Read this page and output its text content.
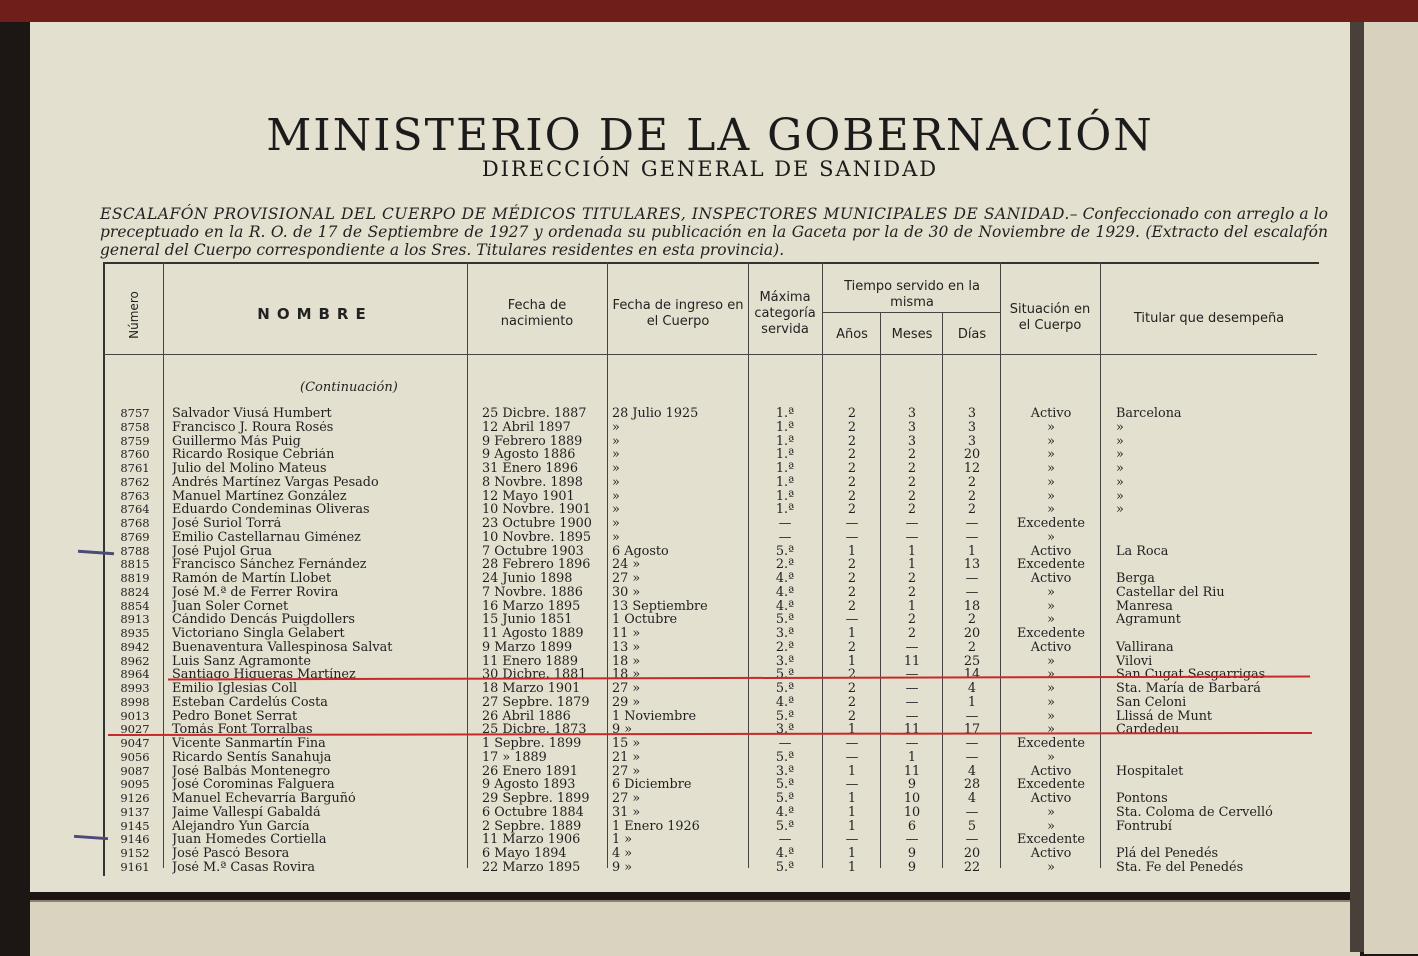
MINISTERIO DE LA GOBERNACIÓN
DIRECCIÓN GENERAL DE SANIDAD
ESCALAFÓN PROVISIONAL DEL CUERPO DE MÉDICOS TITULARES, INSPECTORES MUNICIPALES DE SANIDAD.– Confeccionado con arreglo a lo preceptuado en la R. O. de 17 de Septiembre de 1927 y ordenada su publicación en la Gaceta por la de 30 de Noviembre de 1929. (Extracto del escalafón general del Cuerpo correspondiente a los Sres. Titulares residentes en esta provincia).
Número	NOMBRE	Fecha de nacimiento
Fecha de ingreso en el Cuerpo
Máxima categoría servida
Tiempo servido en la misma
Años	Meses	Días
Situación en el Cuerpo	Titular que desempeña
(Continuación)
8757	Salvador Viusá Humbert	25 Dicbre. 1887	28 Julio 1925	1.ª	2	3	3	Activo	Barcelona
8758	Francisco J. Roura Rosés	12 Abril 1897	»	1.ª	2	3	3	»	»
8759	Guillermo Más Puig	9 Febrero 1889	»	1.ª	2	3	3	»	»
8760	Ricardo Rosique Cebrián	9 Agosto 1886	»	1.ª	2	2	20	»	»
8761	Julio del Molino Mateus	31 Enero 1896	»	1.ª	2	2	12	»	»
8762	Andrés Martínez Vargas Pesado	8 Novbre. 1898	»	1.ª	2	2	2	»	»
8763	Manuel Martínez González	12 Mayo 1901	»	1.ª	2	2	2	»	»
8764	Eduardo Condeminas Oliveras	10 Novbre. 1901	»	1.ª	2	2	2	»	»
8768	José Suriol Torrá	23 Octubre 1900	»	—	—	—	—	Excedente
8769	Emilio Castellarnau Giménez	10 Novbre. 1895	»	—	—	—	—	»
8788	José Pujol Grua	7 Octubre 1903	6 Agosto	5.ª	1	1	1	Activo	La Roca
8815	Francisco Sánchez Fernández	28 Febrero 1896	24 »	2.ª	2	1	13	Excedente
8819	Ramón de Martín Llobet	24 Junio 1898	27 »	4.ª	2	2	—	Activo	Berga
8824	José M.ª de Ferrer Rovira	7 Novbre. 1886	30 »	4.ª	2	2	—	»	Castellar del Riu
8854	Juan Soler Cornet	16 Marzo 1895	13 Septiembre	4.ª	2	1	18	»	Manresa
8913	Cándido Dencás Puigdollers	15 Junio 1851	1 Octubre	5.ª	—	2	2	»	Agramunt
8935	Victoriano Singla Gelabert	11 Agosto 1889	11 »	3.ª	1	2	20	Excedente
8942	Buenaventura Vallespinosa Salvat	9 Marzo 1899	13 »	2.ª	2	—	2	Activo	Vallirana
8962	Luis Sanz Agramonte	11 Enero 1889	18 »	3.ª	1	11	25	»	Vilovi
8964	Santiago Higueras Martínez	30 Dicbre. 1881	18 »	5.ª	2	—	14	»	San Cugat Sesgarrigas
8993	Emilio Iglesias Coll	18 Marzo 1901	27 »	5.ª	2	—	4	»	Sta. María de Barbará
8998	Esteban Cardelús Costa	27 Sepbre. 1879	29 »	4.ª	2	—	1	»	San Celoni
9013	Pedro Bonet Serrat	26 Abril 1886	1 Noviembre	5.ª	2	—	—	»	Llissá de Munt
9027	Tomás Font Torralbas	25 Dicbre. 1873	9 »	3.ª	1	11	17	»	Cardedeu
9047	Vicente Sanmartín Fina	1 Sepbre. 1899	15 »	—	—	—	—	Excedente
9056	Ricardo Sentís Sanahuja	17 » 1889	21 »	5.ª	—	1	—	»
9087	José Balbás Montenegro	26 Enero 1891	27 »	3.ª	1	11	4	Activo	Hospitalet
9095	José Corominas Falguera	9 Agosto 1893	6 Diciembre	5.ª	—	9	28	Excedente
9126	Manuel Echevarría Barguñó	29 Sepbre. 1899	27 »	5.ª	1	10	4	Activo	Pontons
9137	Jaime Vallespí Gabaldá	6 Octubre 1884	31 »	4.ª	1	10	—	»	Sta. Coloma de Cervelló
9145	Alejandro Yun García	2 Sepbre. 1889	1 Enero 1926	5.ª	1	6	5	»	Fontrubí
9146	Juan Homedes Cortiella	11 Marzo 1906	1 »	—	—	—	—	Excedente
9152	José Pascó Besora	6 Mayo 1894	4 »	4.ª	1	9	20	Activo	Plá del Penedés
9161	José M.ª Casas Rovira	22 Marzo 1895	9 »	5.ª	1	9	22	»	Sta. Fe del Penedés
